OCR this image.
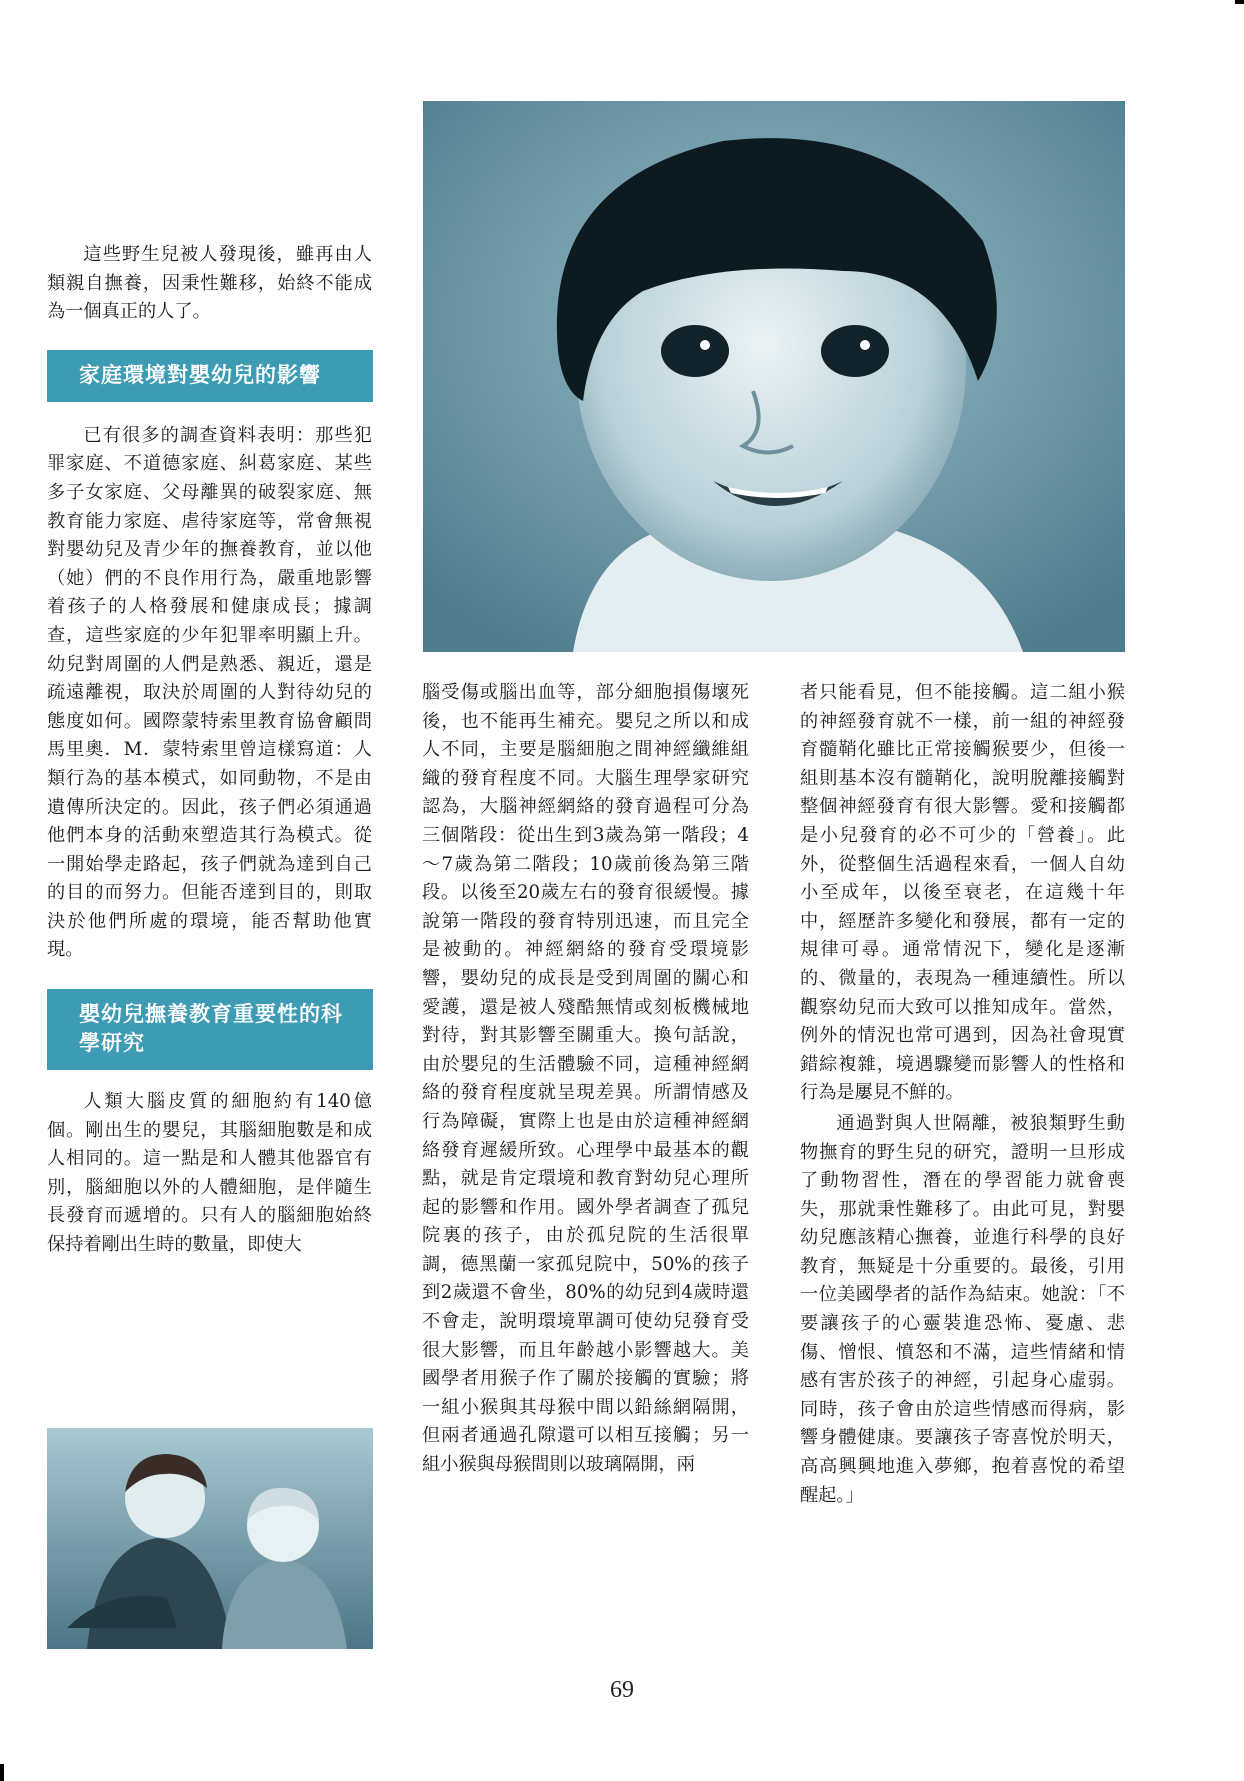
這些野生兒被人發現後，雖再由人類親自撫養，因秉性難移，始終不能成為一個真正的人了。

家庭環境對嬰幼兒的影響

已有很多的調查資料表明：那些犯罪家庭、不道德家庭、糾葛家庭、某些多子女家庭、父母離異的破裂家庭、無教育能力家庭、虐待家庭等，常會無視對嬰幼兒及青少年的撫養教育，並以他（她）們的不良作用行為，嚴重地影響着孩子的人格發展和健康成長；據調查，這些家庭的少年犯罪率明顯上升。幼兒對周圍的人們是熟悉、親近，還是疏遠離視，取決於周圍的人對待幼兒的態度如何。國際蒙特索里教育協會顧問馬里奧．M．蒙特索里曾這樣寫道：人類行為的基本模式，如同動物，不是由遺傳所決定的。因此，孩子們必須通過他們本身的活動來塑造其行為模式。從一開始學走路起，孩子們就為達到自己的目的而努力。但能否達到目的，則取決於他們所處的環境，能否幫助他實現。

嬰幼兒撫養教育重要性的科學研究

人類大腦皮質的細胞約有140億個。剛出生的嬰兒，其腦細胞數是和成人相同的。這一點是和人體其他器官有別，腦細胞以外的人體細胞，是伴隨生長發育而遞增的。只有人的腦細胞始終保持着剛出生時的數量，即使大

腦受傷或腦出血等，部分細胞損傷壞死後，也不能再生補充。嬰兒之所以和成人不同，主要是腦細胞之間神經纖維組織的發育程度不同。大腦生理學家研究認為，大腦神經網絡的發育過程可分為三個階段：從出生到3歲為第一階段；4～7歲為第二階段；10歲前後為第三階段。以後至20歲左右的發育很緩慢。據說第一階段的發育特別迅速，而且完全是被動的。神經網絡的發育受環境影響，嬰幼兒的成長是受到周圍的關心和愛護，還是被人殘酷無情或刻板機械地對待，對其影響至關重大。換句話說，由於嬰兒的生活體驗不同，這種神經網絡的發育程度就呈現差異。所謂情感及行為障礙，實際上也是由於這種神經網絡發育遲緩所致。心理學中最基本的觀點，就是肯定環境和教育對幼兒心理所起的影響和作用。國外學者調查了孤兒院裏的孩子，由於孤兒院的生活很單調，德黑蘭一家孤兒院中，50%的孩子到2歲還不會坐，80%的幼兒到4歲時還不會走，說明環境單調可使幼兒發育受很大影響，而且年齡越小影響越大。美國學者用猴子作了關於接觸的實驗；將一組小猴與其母猴中間以鉛絲網隔開，但兩者通過孔隙還可以相互接觸；另一組小猴與母猴間則以玻璃隔開，兩

者只能看見，但不能接觸。這二組小猴的神經發育就不一樣，前一組的神經發育髓鞘化雖比正常接觸猴要少，但後一組則基本沒有髓鞘化，說明脫離接觸對整個神經發育有很大影響。愛和接觸都是小兒發育的必不可少的「營養」。此外，從整個生活過程來看，一個人自幼小至成年，以後至衰老，在這幾十年中，經歷許多變化和發展，都有一定的規律可尋。通常情況下，變化是逐漸的、微量的，表現為一種連續性。所以觀察幼兒而大致可以推知成年。當然，例外的情況也常可遇到，因為社會現實錯綜複雜，境遇驟變而影響人的性格和行為是屢見不鮮的。

通過對與人世隔離，被狼類野生動物撫育的野生兒的研究，證明一旦形成了動物習性，潛在的學習能力就會喪失，那就秉性難移了。由此可見，對嬰幼兒應該精心撫養，並進行科學的良好教育，無疑是十分重要的。最後，引用一位美國學者的話作為結束。她說：「不要讓孩子的心靈裝進恐怖、憂慮、悲傷、憎恨、憤怒和不滿，這些情緒和情感有害於孩子的神經，引起身心虛弱。同時，孩子會由於這些情感而得病，影響身體健康。要讓孩子寄喜悅於明天，高高興興地進入夢鄉，抱着喜悅的希望醒起。」

69
